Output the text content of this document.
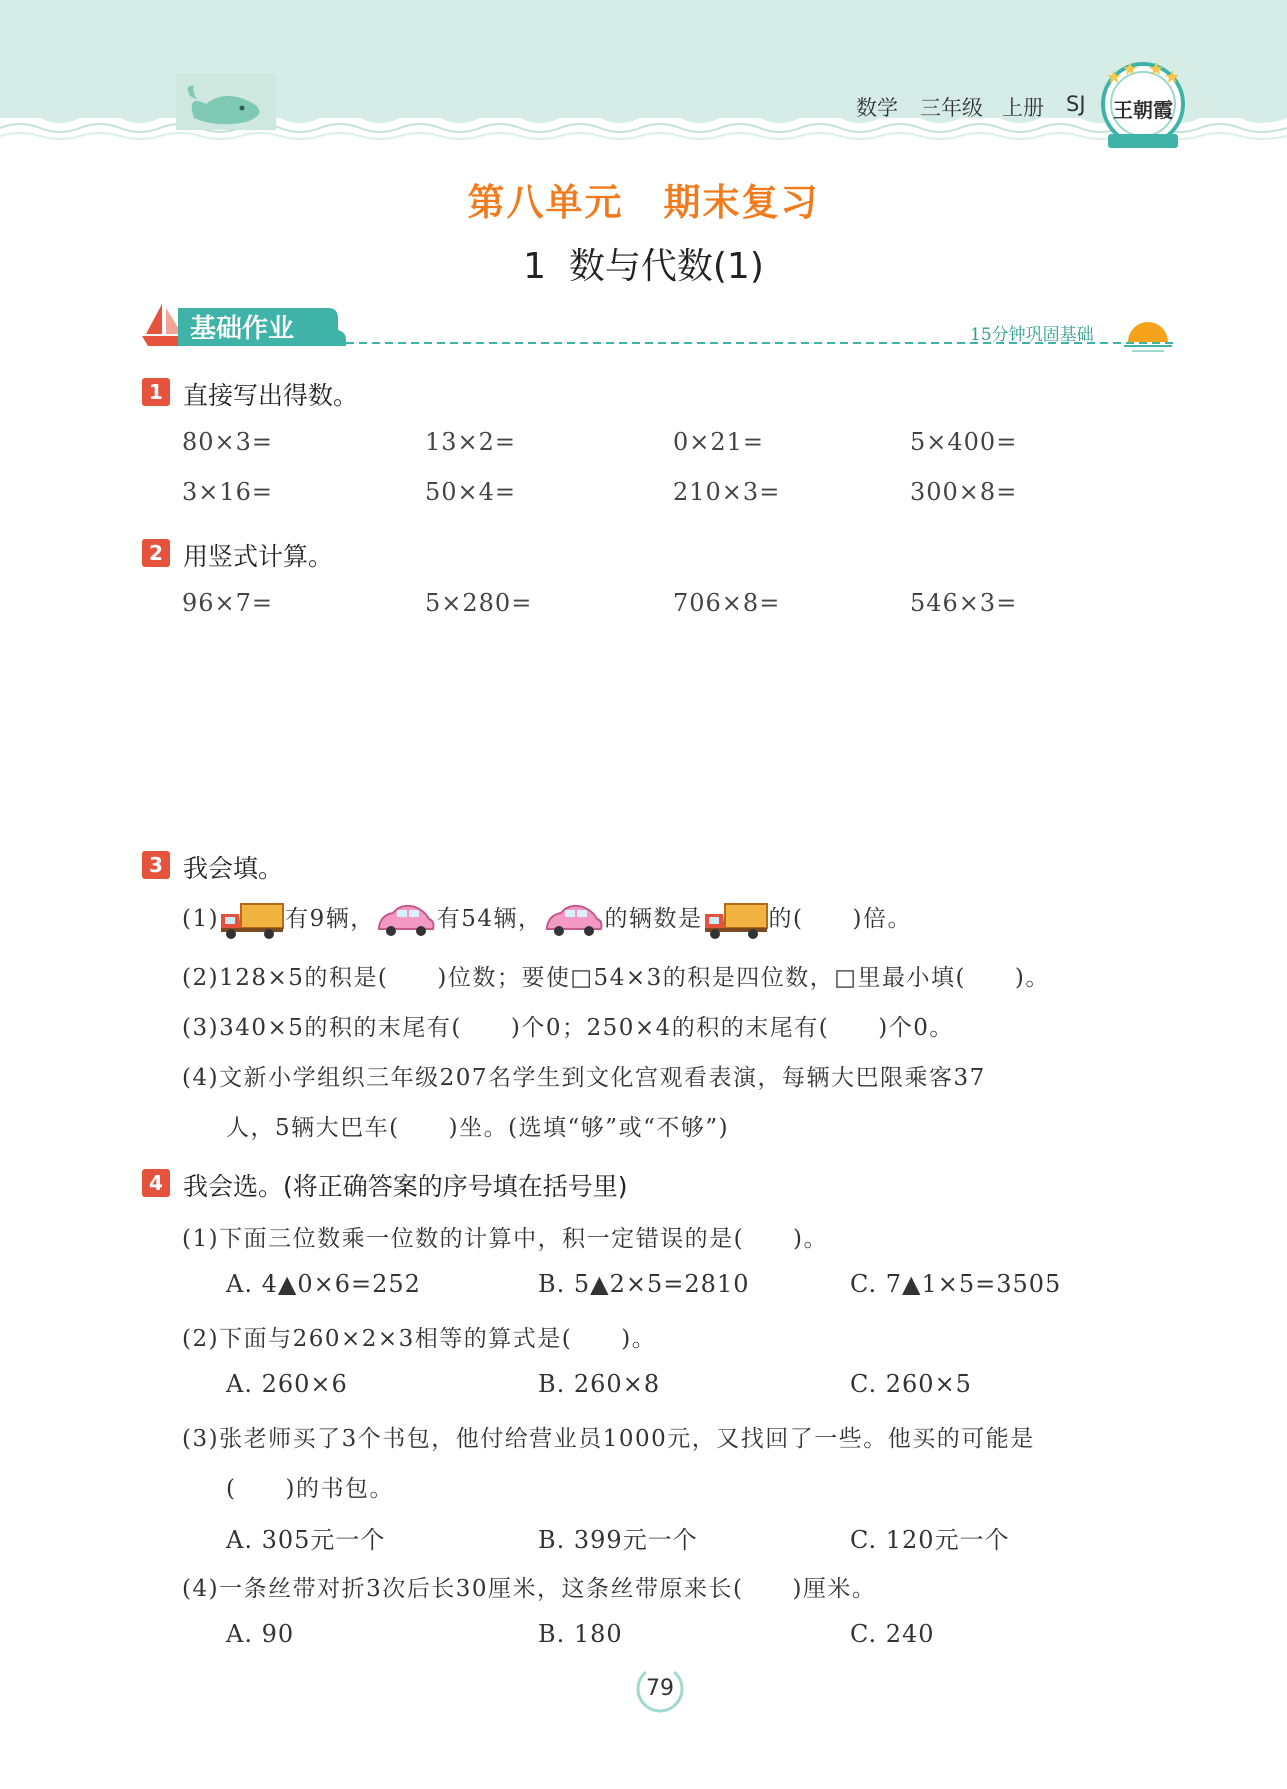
数学 三年级 上册 SJ	王朝霞
第八单元 期末复习
1  数与代数(1)
基础作业	15分钟巩固基础
1 直接写出得数。
80×3=	13×2=	0×21=	5×400=
3×16=	50×4=	210×3=	300×8=
2 用竖式计算。
96×7=	5×280=	706×8=	546×3=
3 我会填。
(1)	有9辆，	有54辆，	的辆数是	的(　　)倍。
(2)128×5的积是(　　)位数；要使□54×3的积是四位数，□里最小填(　　)。
(3)340×5的积的末尾有(　　)个0；250×4的积的末尾有(　　)个0。
(4)文新小学组织三年级207名学生到文化宫观看表演，每辆大巴限乘客37
人，5辆大巴车(　　)坐。(选填“够”或“不够”)
4 我会选。(将正确答案的序号填在括号里)
(1)下面三位数乘一位数的计算中，积一定错误的是(　　)。
A. 4▲0×6=252	B. 5▲2×5=2810	C. 7▲1×5=3505
(2)下面与260×2×3相等的算式是(　　)。
A. 260×6	B. 260×8	C. 260×5
(3)张老师买了3个书包，他付给营业员1000元，又找回了一些。他买的可能是
(　　)的书包。
A. 305元一个	B. 399元一个	C. 120元一个
(4)一条丝带对折3次后长30厘米，这条丝带原来长(　　)厘米。
A. 90	B. 180	C. 240
79
